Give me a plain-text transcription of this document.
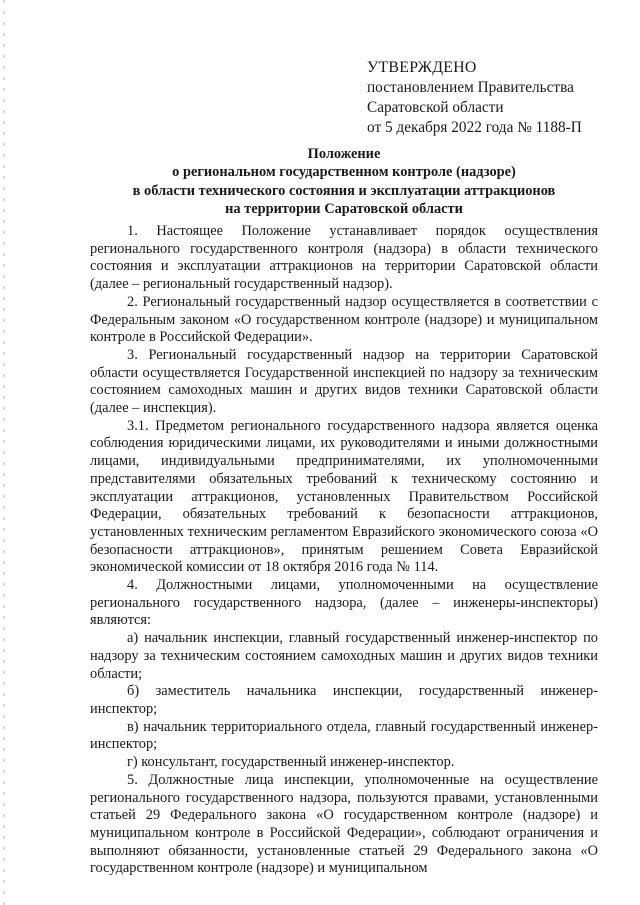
УТВЕРЖДЕНО
постановлением Правительства
Саратовской области
от 5 декабря 2022 года № 1188-П
Положение
о региональном государственном контроле (надзоре)
в области технического состояния и эксплуатации аттракционов
на территории Саратовской области

1. Настоящее Положение устанавливает порядок осуществления регионального государственного контроля (надзора) в области технического состояния и эксплуатации аттракционов на территории Саратовской области (далее – региональный государственный надзор).

2. Региональный государственный надзор осуществляется в соответствии с Федеральным законом «О государственном контроле (надзоре) и муниципальном контроле в Российской Федерации».

3. Региональный государственный надзор на территории Саратовской области осуществляется Государственной инспекцией по надзору за техническим состоянием самоходных машин и других видов техники Саратовской области (далее – инспекция).

3.1. Предметом регионального государственного надзора является оценка соблюдения юридическими лицами, их руководителями и иными должностными лицами, индивидуальными предпринимателями, их уполномоченными представителями обязательных требований к техническому состоянию и эксплуатации аттракционов, установленных Правительством Российской Федерации, обязательных требований к безопасности аттракционов, установленных техническим регламентом Евразийского экономического союза «О безопасности аттракционов», принятым решением Совета Евразийской экономической комиссии от 18 октября 2016 года № 114.

4. Должностными лицами, уполномоченными на осуществление регионального государственного надзора, (далее – инженеры-инспекторы) являются:

а) начальник инспекции, главный государственный инженер-инспектор по надзору за техническим состоянием самоходных машин и других видов техники области;

б) заместитель начальника инспекции, государственный инженер-инспектор;

в) начальник территориального отдела, главный государственный инженер-инспектор;

г) консультант, государственный инженер-инспектор.

5. Должностные лица инспекции, уполномоченные на осуществление регионального государственного надзора, пользуются правами, установленными статьей 29 Федерального закона «О государственном контроле (надзоре) и муниципальном контроле в Российской Федерации», соблюдают ограничения и выполняют обязанности, установленные статьей 29 Федерального закона «О государственном контроле (надзоре) и муниципальном
